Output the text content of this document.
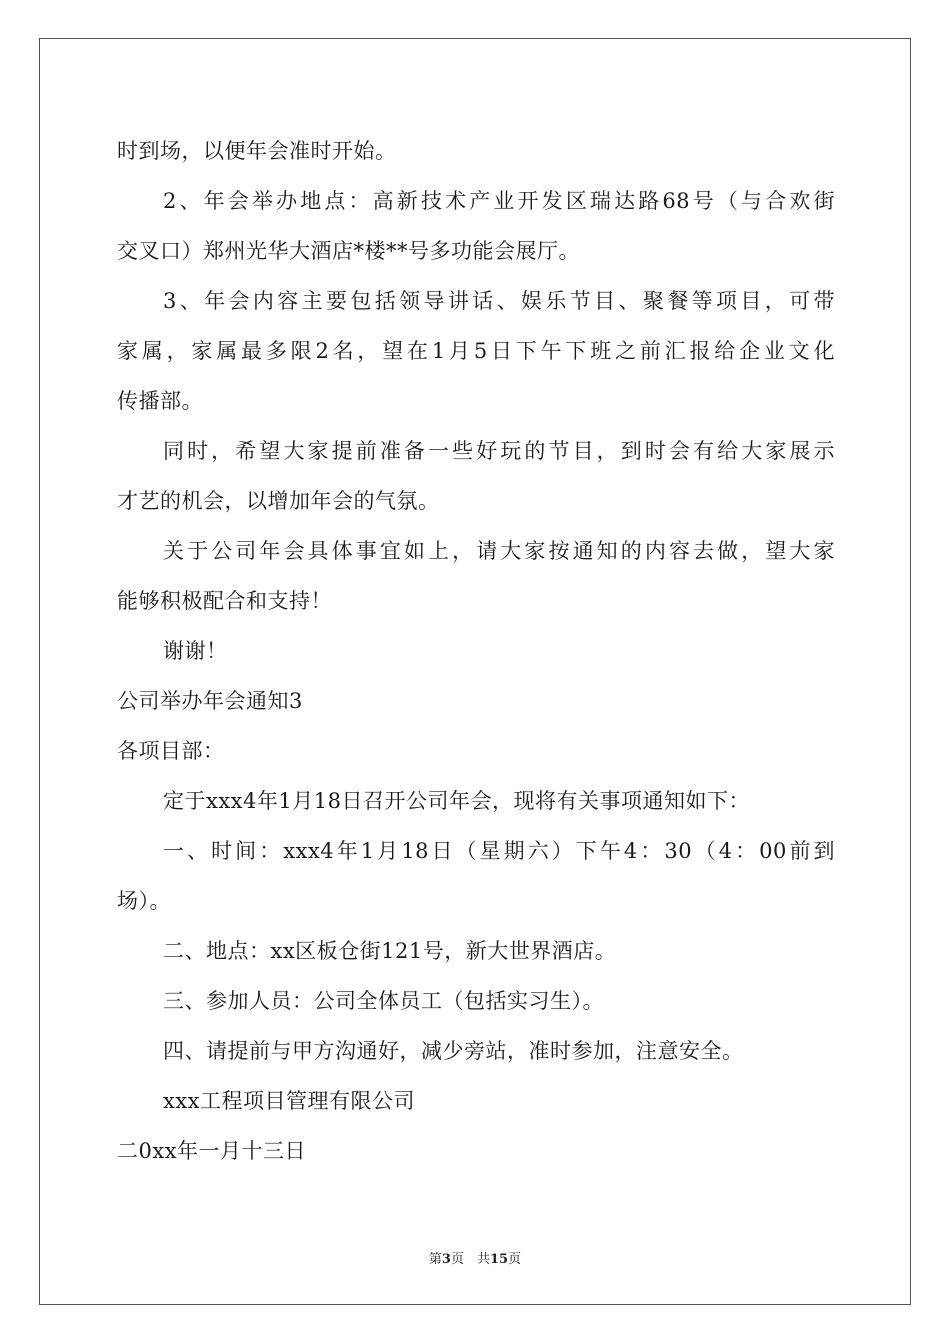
时到场，以便年会准时开始。
2、年会举办地点：高新技术产业开发区瑞达路68号（与合欢街
交叉口）郑州光华大酒店*楼**号多功能会展厅。
3、年会内容主要包括领导讲话、娱乐节目、聚餐等项目，可带
家属，家属最多限2名，望在1月5日下午下班之前汇报给企业文化
传播部。
同时，希望大家提前准备一些好玩的节目，到时会有给大家展示
才艺的机会，以增加年会的气氛。
关于公司年会具体事宜如上，请大家按通知的内容去做，望大家
能够积极配合和支持！
谢谢！
公司举办年会通知3
各项目部：
定于xxx4年1月18日召开公司年会，现将有关事项通知如下：
一、时间：xxx4年1月18日（星期六）下午4：30（4：00前到
场）。
二、地点：xx区板仓街121号，新大世界酒店。
三、参加人员：公司全体员工（包括实习生）。
四、请提前与甲方沟通好，减少旁站，准时参加，注意安全。
xxx工程项目管理有限公司
二0xx年一月十三日
第3页　共15页
